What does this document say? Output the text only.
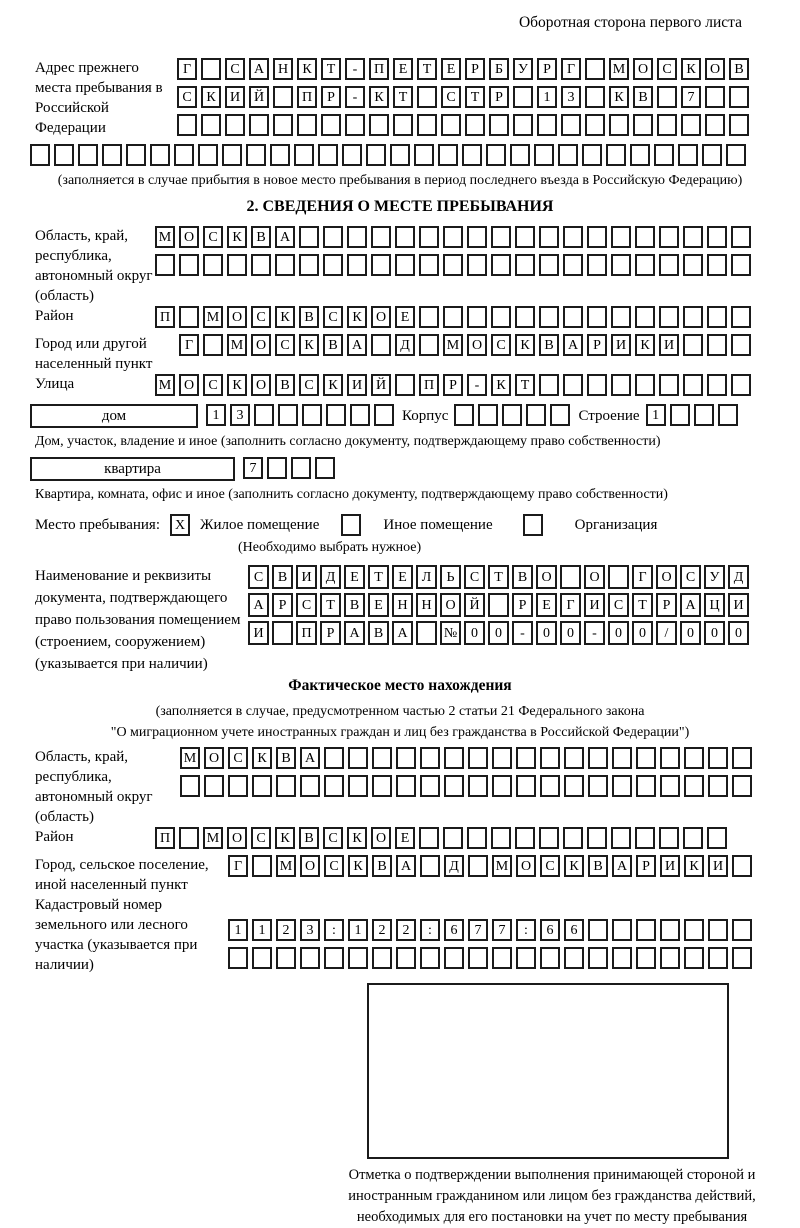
Оборотная сторона первого листа
Адрес прежнего места пребывания в Российской Федерации
Г	С А Н К Т - П Е Т Е Р Б У Р Г	М О С К О В
С К И Й	П Р - К Т	С Т Р	1 3	К В	7
(заполняется в случае прибытия в новое место пребывания в период последнего въезда в Российскую Федерацию)
2. СВЕДЕНИЯ О МЕСТЕ ПРЕБЫВАНИЯ
Область, край, республика, автономный округ (область)
М О С К В А
Район	П	М О С К В С К О Е
Город или другой населенный пункт
Г	М О С К В А	Д	М О С К В А Р И К И
Улица	М О С К О В С К И Й	П Р - К Т
дом	1 3	Корпус	Строение 1
Дом, участок, владение и иное (заполнить согласно документу, подтверждающему право собственности)
квартира	7
Квартира, комната, офис и иное (заполнить согласно документу, подтверждающему право собственности)
Место пребывания:	X Жилое помещение	Иное помещение	Организация
(Необходимо выбрать нужное)
Наименование и реквизиты документа, подтверждающего право пользования помещением (строением, сооружением) (указывается при наличии)
С В И Д Е Т Е Л Ь С Т В О	О	Г О С У Д
А Р С Т В Е Н Н О Й	Р Е Г И С Т Р А Ц И
И	П Р А В А	№ 0 0 - 0 0 - 0 0 / 0 0 0
Фактическое место нахождения
(заполняется в случае, предусмотренном частью 2 статьи 21 Федерального закона
"О миграционном учете иностранных граждан и лиц без гражданства в Российской Федерации")
Область, край, республика, автономный округ (область)
М О С К В А
Район	П	М О С К В С К О Е
Город, сельское поселение, иной населенный пункт
Г	М О С К В А	Д	М О С К В А Р И К И
Кадастровый номер земельного или лесного участка (указывается при наличии)
1 1 2 3 : 1 2 2 : 6 7 7 : 6 6
Отметка о подтверждении выполнения принимающей стороной и иностранным гражданином или лицом без гражданства действий, необходимых для его постановки на учет по месту пребывания
